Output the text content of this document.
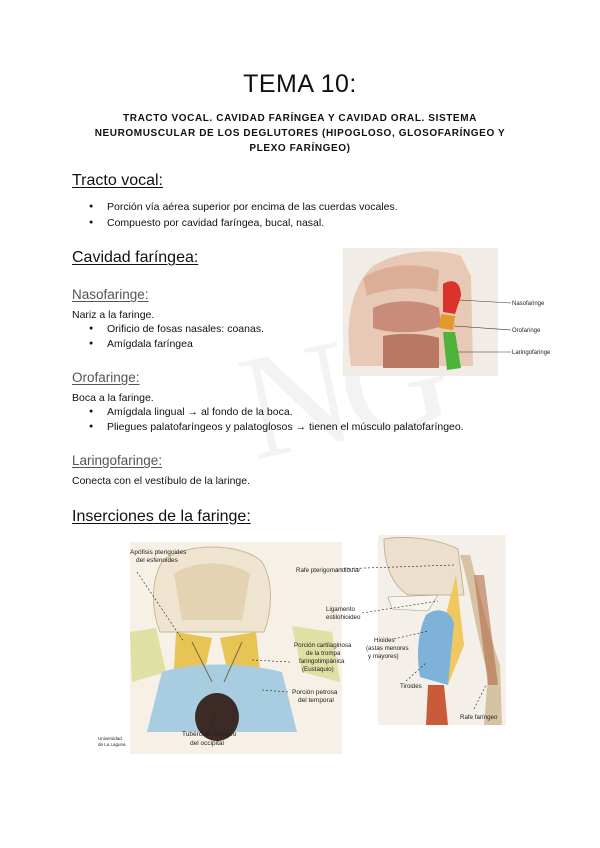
TEMA 10:
TRACTO VOCAL. CAVIDAD FARÍNGEA Y CAVIDAD ORAL. SISTEMA
NEUROMUSCULAR DE LOS DEGLUTORES (HIPOGLOSO, GLOSOFARÍNGEO Y
PLEXO FARÍNGEO)
Tracto vocal:
● Porción vía aérea superior por encima de las cuerdas vocales.
● Compuesto por cavidad faríngea, bucal, nasal.
Cavidad faríngea:
Nasofaringe:
Nariz a la faringe.
● Orificio de fosas nasales: coanas.
● Amígdala faríngea
Orofaringe:
Boca a la faringe.
● Amígdala lingual → al fondo de la boca.
● Pliegues palatofaríngeos y palatoglosos → tienen el músculo palatofaríngeo.
Laringofaringe:
Conecta con el vestíbulo de la laringe.
Nasofaringe
Orofaringe
Laringofaringe
Inserciones de la faringe:
Apófisis pterigoides
del esfenoides
Porción cartilaginosa
de la trompa
faringotimpánica
(Eustaquio)
Porción petrosa
del temporal
Tubérculo faríngeo
del occipital
Universidad
de La Laguna
Rafe pterigomandibular
Ligamento
estilohioideo
Hioides
(astas menores
y mayores)
Tiroides
Rafe faríngeo
